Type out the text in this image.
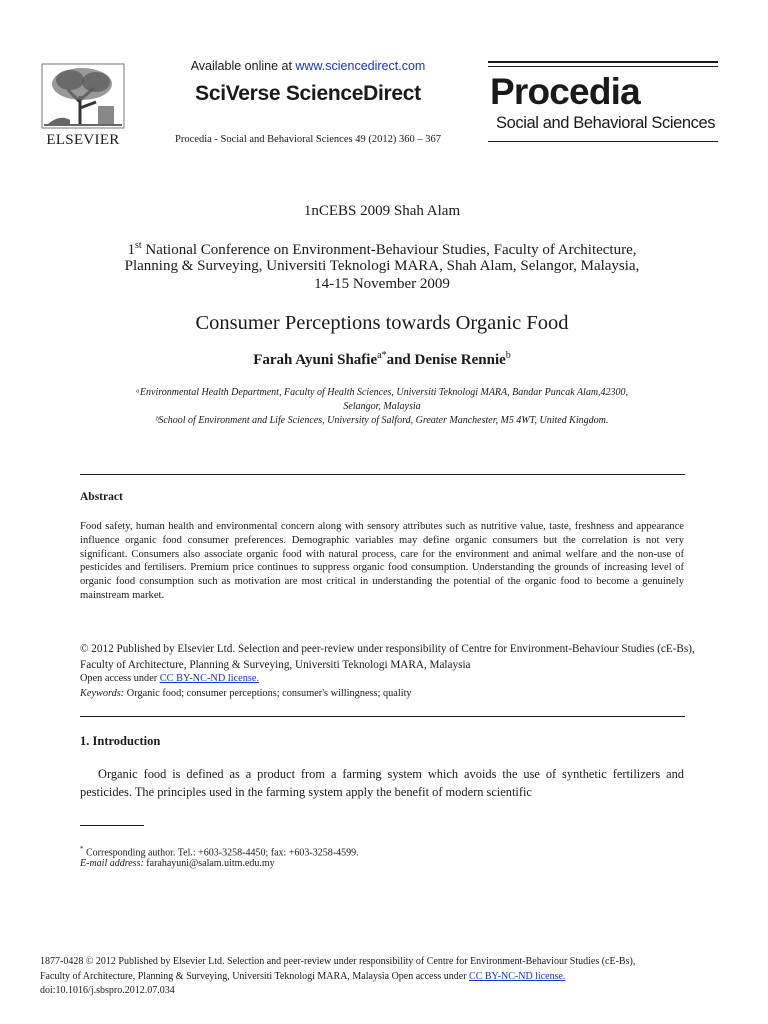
ELSEVIER
Available online at www.sciencedirect.com
SciVerse ScienceDirect
Procedia - Social and Behavioral Sciences 49 (2012) 360 – 367
Procedia
Social and Behavioral Sciences
1nCEBS 2009 Shah Alam
1st National Conference on Environment-Behaviour Studies, Faculty of Architecture,
Planning & Surveying, Universiti Teknologi MARA, Shah Alam, Selangor, Malaysia,
14-15 November 2009
Consumer Perceptions towards Organic Food
Farah Ayuni Shafie$^{a*}$and Denise Rennie$^b$
ᵃEnvironmental Health Department, Faculty of Health Sciences, Universiti Teknologi MARA, Bandar Puncak Alam,42300,
Selangor, Malaysia
ᵇSchool of Environment and Life Sciences, University of Salford, Greater Manchester, M5 4WT, United Kingdom.
Abstract
Food safety, human health and environmental concern along with sensory attributes such as nutritive value, taste, freshness and appearance influence organic food consumer preferences. Demographic variables may define organic consumers but the correlation is not very significant. Consumers also associate organic food with natural process, care for the environment and animal welfare and the non-use of pesticides and fertilisers. Premium price continues to suppress organic food consumption. Understanding the grounds of increasing level of organic food consumption such as motivation are most critical in understanding the potential of the organic food to become a genuinely mainstream market.
© 2012 Published by Elsevier Ltd. Selection and peer-review under responsibility of Centre for Environment-Behaviour Studies (cE-Bs), Faculty of Architecture, Planning & Surveying, Universiti Teknologi MARA, Malaysia
Open access under CC BY-NC-ND license.
Keywords: Organic food; consumer perceptions; consumer's willingness; quality
1. Introduction
Organic food is defined as a product from a farming system which avoids the use of synthetic fertilizers and pesticides. The principles used in the farming system apply the benefit of modern scientific
* Corresponding author. Tel.: +603-3258-4450; fax: +603-3258-4599.
E-mail address: farahayuni@salam.uitm.edu.my
1877-0428 © 2012 Published by Elsevier Ltd. Selection and peer-review under responsibility of Centre for Environment-Behaviour Studies (cE-Bs),
Faculty of Architecture, Planning & Surveying, Universiti Teknologi MARA, Malaysia Open access under CC BY-NC-ND license.
doi:10.1016/j.sbspro.2012.07.034
